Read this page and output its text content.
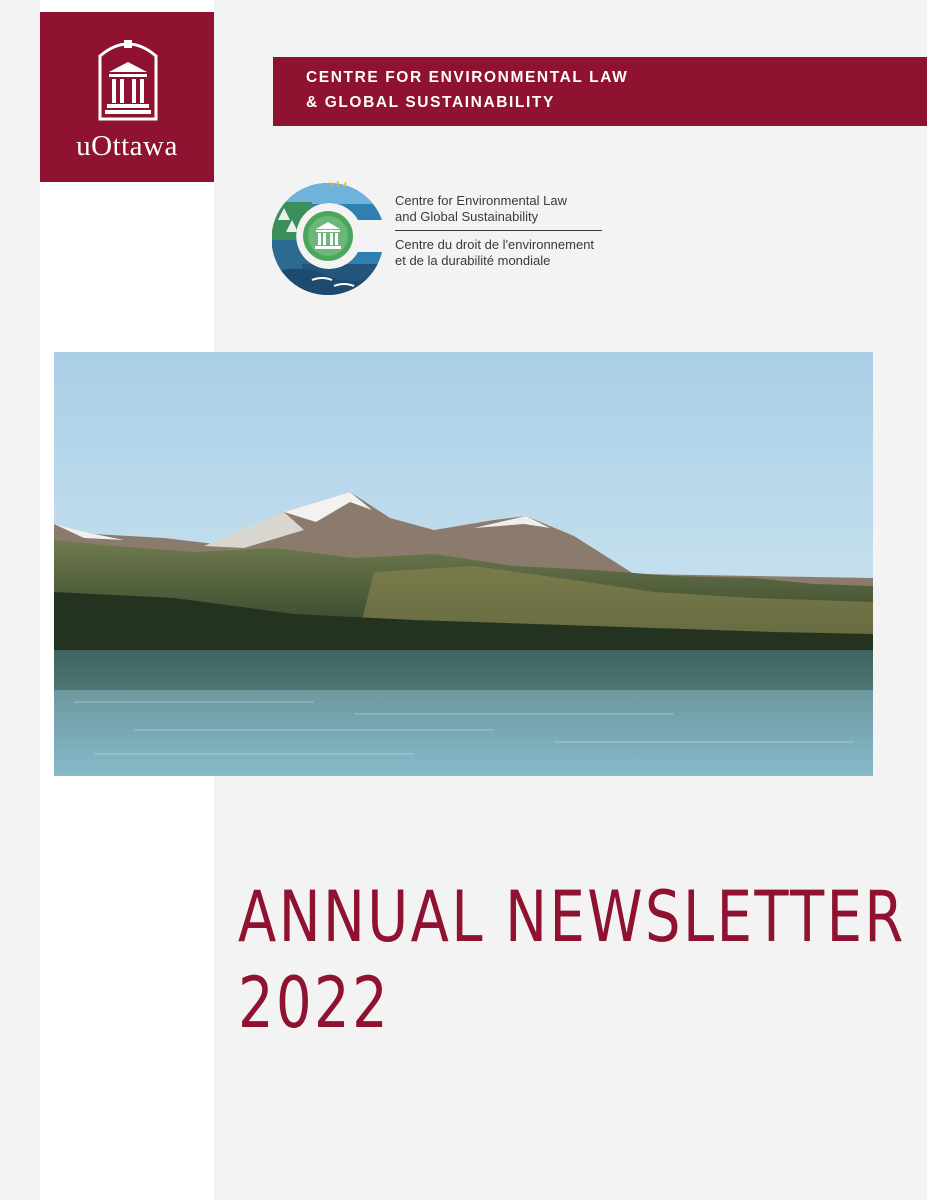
uOttawa
CENTRE FOR ENVIRONMENTAL LAW
& GLOBAL SUSTAINABILITY
Centre for Environmental Law
and Global Sustainability
Centre du droit de l'environnement
et de la durabilité mondiale
ANNUAL NEWSLETTER
2022
